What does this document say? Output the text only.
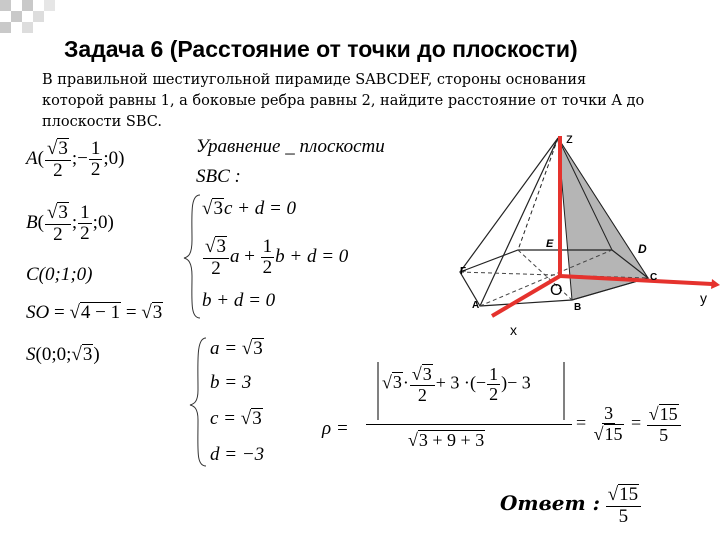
Задача 6 (Расстояние от точки до плоскости)
В правильной шестиугольной пирамиде SABCDEF, стороны основания
которой равны 1, а боковые ребра равны 2, найдите расстояние от точки A до
плоскости SBC.
Уравнение _ плоскости
SBC :
$A( \frac{√3}{2}$ ;− $\frac{1}{2}$ ;0)
$B( \frac{√3}{2}$ ; $\frac{1}{2}$ ;0)
C(0;1;0)
SO = √4 − 1 = √3
S(0;0;√3)
√3c + d = 0
$\frac{√3}{2}$ $a + \frac{1}{2}$ b + d = 0
b + d = 0
a = √3
b = 3
c = √3
d = −3
ρ =
$√3\cdot \frac{√3}{2} + 3$ ·(− $\frac{1}{2}$ )− 3
√3 + 9 + 3
= $\frac{3}{√15} = \frac{√15}{5}$
Ответ : $\frac{√15}{5}$
z
y
x
O
A	B
C
D
E
F
